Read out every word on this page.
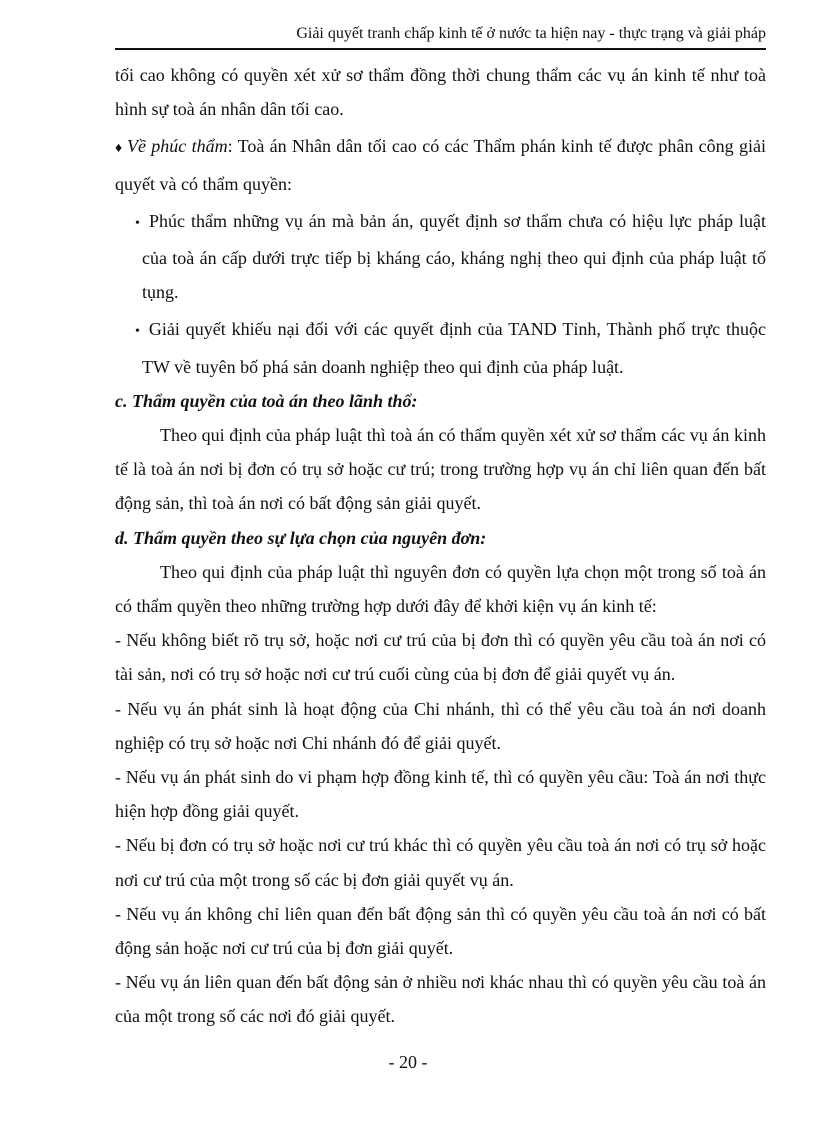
Giải quyết tranh chấp kinh tế ở nước ta hiện nay - thực trạng và giải pháp

tối cao không có quyền xét xử sơ thẩm đồng thời chung thẩm các vụ án kinh tế như toà hình sự toà án nhân dân tối cao.

♦ Về phúc thẩm: Toà án Nhân dân tối cao có các Thẩm phán kinh tế được phân công giải quyết và có thẩm quyền:

• Phúc thẩm những vụ án mà bản án, quyết định sơ thẩm chưa có hiệu lực pháp luật của toà án cấp dưới trực tiếp bị kháng cáo, kháng nghị theo qui định của pháp luật tố tụng.

• Giải quyết khiếu nại đối với các quyết định của TAND Tỉnh, Thành phố trực thuộc TW về tuyên bố phá sản doanh nghiệp theo qui định của pháp luật.

c. Thẩm quyền của toà án theo lãnh thổ:

Theo qui định của pháp luật thì toà án có thẩm quyền xét xử sơ thẩm các vụ án kinh tế là toà án nơi bị đơn có trụ sở hoặc cư trú; trong trường hợp vụ án chỉ liên quan đến bất động sản, thì toà án nơi có bất động sản giải quyết.

d. Thẩm quyền theo sự lựa chọn của nguyên đơn:

Theo qui định của pháp luật thì nguyên đơn có quyền lựa chọn một trong số toà án có thẩm quyền theo những trường hợp dưới đây để khởi kiện vụ án kinh tế:

- Nếu không biết rõ trụ sở, hoặc nơi cư trú của bị đơn thì có quyền yêu cầu toà án nơi có tài sản, nơi có trụ sở hoặc nơi cư trú cuối cùng của bị đơn để giải quyết vụ án.

- Nếu vụ án phát sinh là hoạt động của Chi nhánh, thì có thể yêu cầu toà án nơi doanh nghiệp có trụ sở hoặc nơi Chi nhánh đó để giải quyết.

- Nếu vụ án phát sinh do vi phạm hợp đồng kinh tế, thì có quyền yêu cầu: Toà án nơi thực hiện hợp đồng giải quyết.

- Nếu bị đơn có trụ sở hoặc nơi cư trú khác thì có quyền yêu cầu toà án nơi có trụ sở hoặc nơi cư trú của một trong số các bị đơn giải quyết vụ án.

- Nếu vụ án không chỉ liên quan đến bất động sản thì có quyền yêu cầu toà án nơi có bất động sản hoặc nơi cư trú của bị đơn giải quyết.

- Nếu vụ án liên quan đến bất động sản ở nhiều nơi khác nhau thì có quyền yêu cầu toà án của một trong số các nơi đó giải quyết.

- 20 -
